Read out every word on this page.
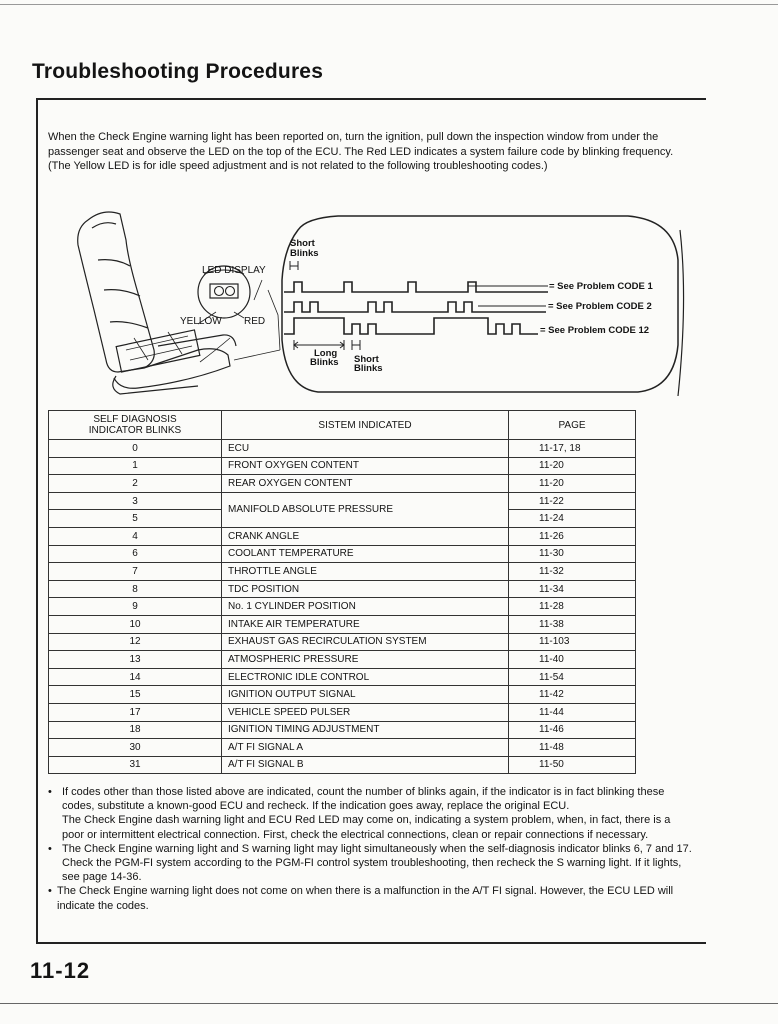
Troubleshooting Procedures

When the Check Engine warning light has been reported on, turn the ignition, pull down the inspection window from under the passenger seat and observe the LED on the top of the ECU. The Red LED indicates a system failure code by blinking frequency.

(The Yellow LED is for idle speed adjustment and is not related to the following troubleshooting codes.)

LED DISPLAY
YELLOW RED
Short
Blinks
= See Problem CODE 1
= See Problem CODE 2
= See Problem CODE 12
Long
Blinks Short
Blinks
SELF DIAGNOSIS
INDICATOR BLINKS	SISTEM INDICATED	PAGE
0	ECU	11-17, 18
1	FRONT OXYGEN CONTENT	11-20
2	REAR OXYGEN CONTENT	11-20
3	MANIFOLD ABSOLUTE PRESSURE	11-22
5		11-24
4	CRANK ANGLE	11-26
6	COOLANT TEMPERATURE	11-30
7	THROTTLE ANGLE	11-32
8	TDC POSITION	11-34
9	No. 1 CYLINDER POSITION	11-28
10	INTAKE AIR TEMPERATURE	11-38
12	EXHAUST GAS RECIRCULATION SYSTEM	11-103
13	ATMOSPHERIC PRESSURE	11-40
14	ELECTRONIC IDLE CONTROL	11-54
15	IGNITION OUTPUT SIGNAL	11-42
17	VEHICLE SPEED PULSER	11-44
18	IGNITION TIMING ADJUSTMENT	11-46
30	A/T FI SIGNAL A	11-48
31	A/T FI SIGNAL B	11-50

• If codes other than those listed above are indicated, count the number of blinks again, if the indicator is in fact blinking these codes, substitute a known-good ECU and recheck. If the indication goes away, replace the original ECU.

The Check Engine dash warning light and ECU Red LED may come on, indicating a system problem, when, in fact, there is a poor or intermittent electrical connection. First, check the electrical connections, clean or repair connections if necessary.

• The Check Engine warning light and S warning light may light simultaneously when the self-diagnosis indicator blinks 6, 7 and 17. Check the PGM-FI system according to the PGM-FI control system troubleshooting, then recheck the S warning light. If it lights, see page 14-36.

• The Check Engine warning light does not come on when there is a malfunction in the A/T FI signal. However, the ECU LED will indicate the codes.

11-12
